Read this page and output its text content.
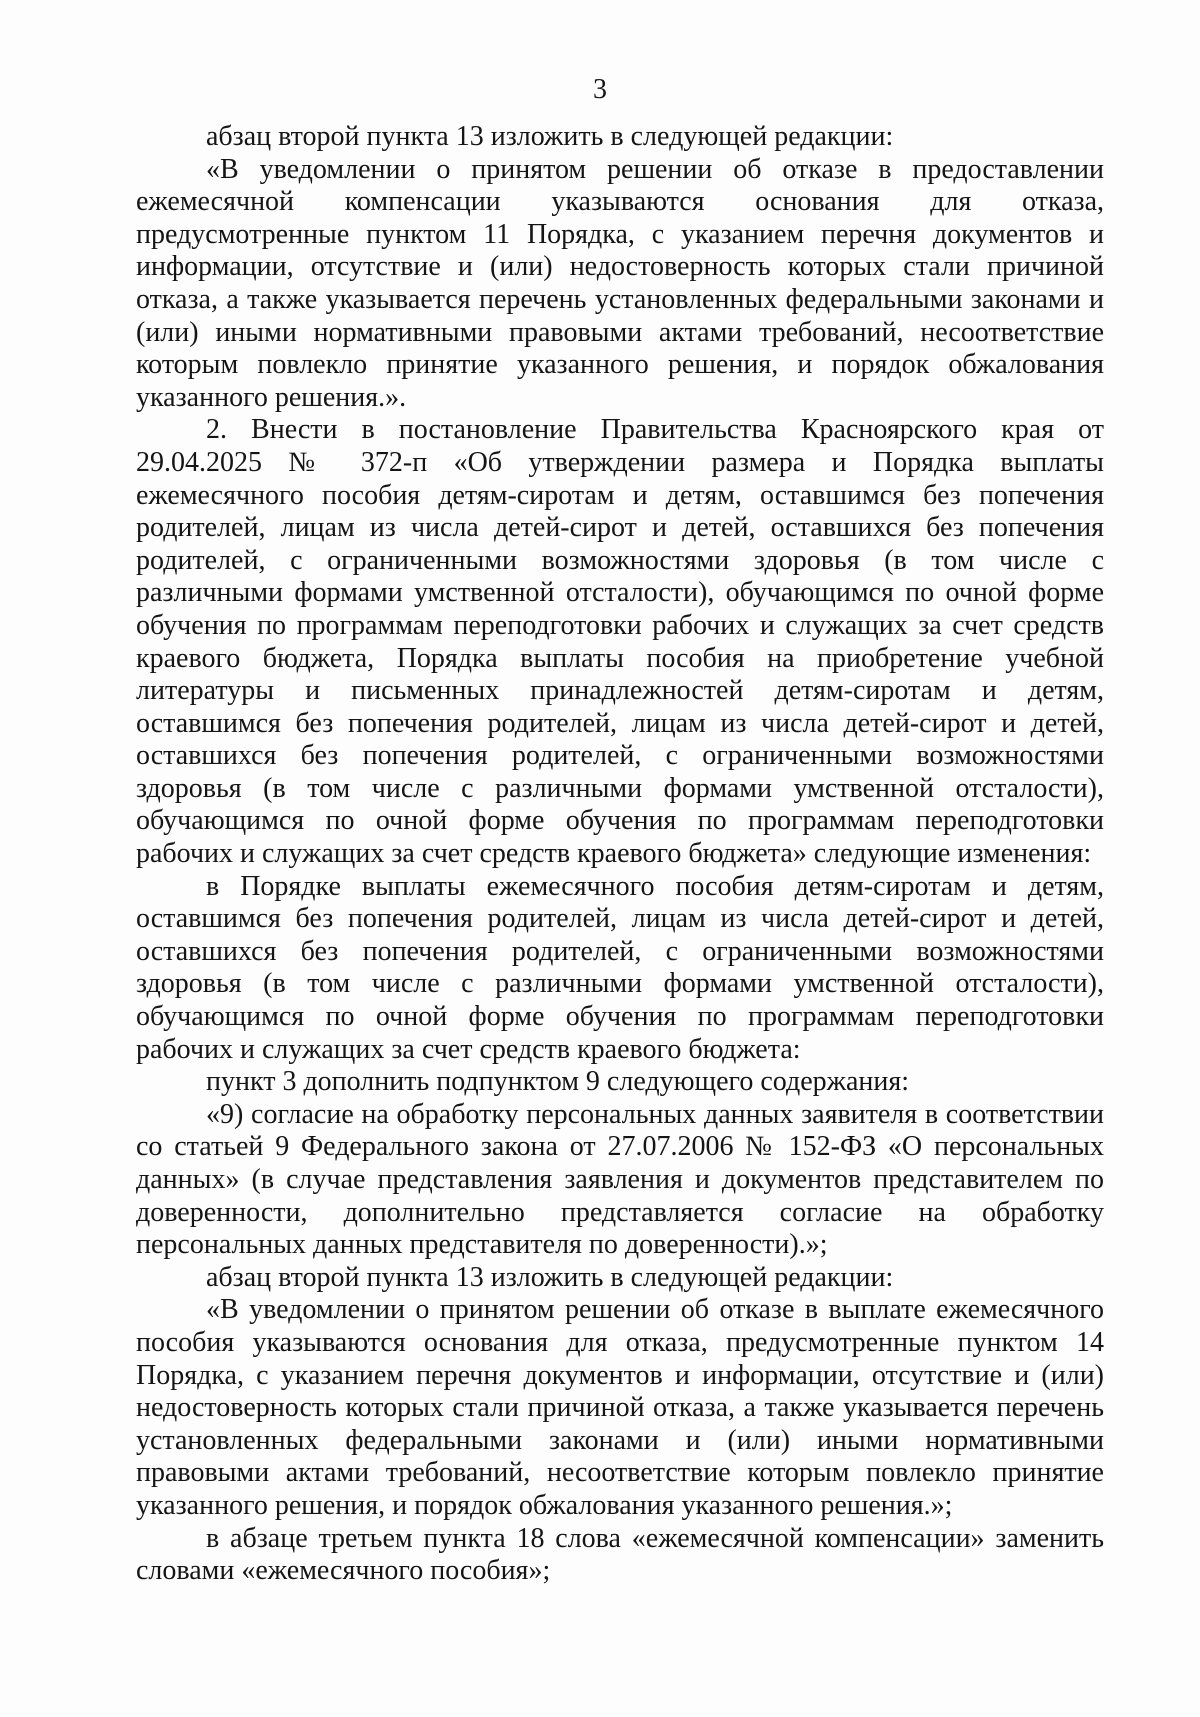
3

абзац второй пункта 13 изложить в следующей редакции:

«В уведомлении о принятом решении об отказе в предоставлении ежемесячной компенсации указываются основания для отказа, предусмотренные пунктом 11 Порядка, с указанием перечня документов и информации, отсутствие и (или) недостоверность которых стали причиной отказа, а также указывается перечень установленных федеральными законами и (или) иными нормативными правовыми актами требований, несоответствие которым повлекло принятие указанного решения, и порядок обжалования указанного решения.».

2. Внести в постановление Правительства Красноярского края от 29.04.2025 № 372-п «Об утверждении размера и Порядка выплаты ежемесячного пособия детям-сиротам и детям, оставшимся без попечения родителей, лицам из числа детей-сирот и детей, оставшихся без попечения родителей, с ограниченными возможностями здоровья (в том числе с различными формами умственной отсталости), обучающимся по очной форме обучения по программам переподготовки рабочих и служащих за счет средств краевого бюджета, Порядка выплаты пособия на приобретение учебной литературы и письменных принадлежностей детям-сиротам и детям, оставшимся без попечения родителей, лицам из числа детей-сирот и детей, оставшихся без попечения родителей, с ограниченными возможностями здоровья (в том числе с различными формами умственной отсталости), обучающимся по очной форме обучения по программам переподготовки рабочих и служащих за счет средств краевого бюджета» следующие изменения:

в Порядке выплаты ежемесячного пособия детям-сиротам и детям, оставшимся без попечения родителей, лицам из числа детей-сирот и детей, оставшихся без попечения родителей, с ограниченными возможностями здоровья (в том числе с различными формами умственной отсталости), обучающимся по очной форме обучения по программам переподготовки рабочих и служащих за счет средств краевого бюджета:

пункт 3 дополнить подпунктом 9 следующего содержания:

«9) согласие на обработку персональных данных заявителя в соответствии со статьей 9 Федерального закона от 27.07.2006 № 152-ФЗ «О персональных данных» (в случае представления заявления и документов представителем по доверенности, дополнительно представляется согласие на обработку персональных данных представителя по доверенности).»;

абзац второй пункта 13 изложить в следующей редакции:

«В уведомлении о принятом решении об отказе в выплате ежемесячного пособия указываются основания для отказа, предусмотренные пунктом 14 Порядка, с указанием перечня документов и информации, отсутствие и (или) недостоверность которых стали причиной отказа, а также указывается перечень установленных федеральными законами и (или) иными нормативными правовыми актами требований, несоответствие которым повлекло принятие указанного решения, и порядок обжалования указанного решения.»;

в абзаце третьем пункта 18 слова «ежемесячной компенсации» заменить словами «ежемесячного пособия»;
